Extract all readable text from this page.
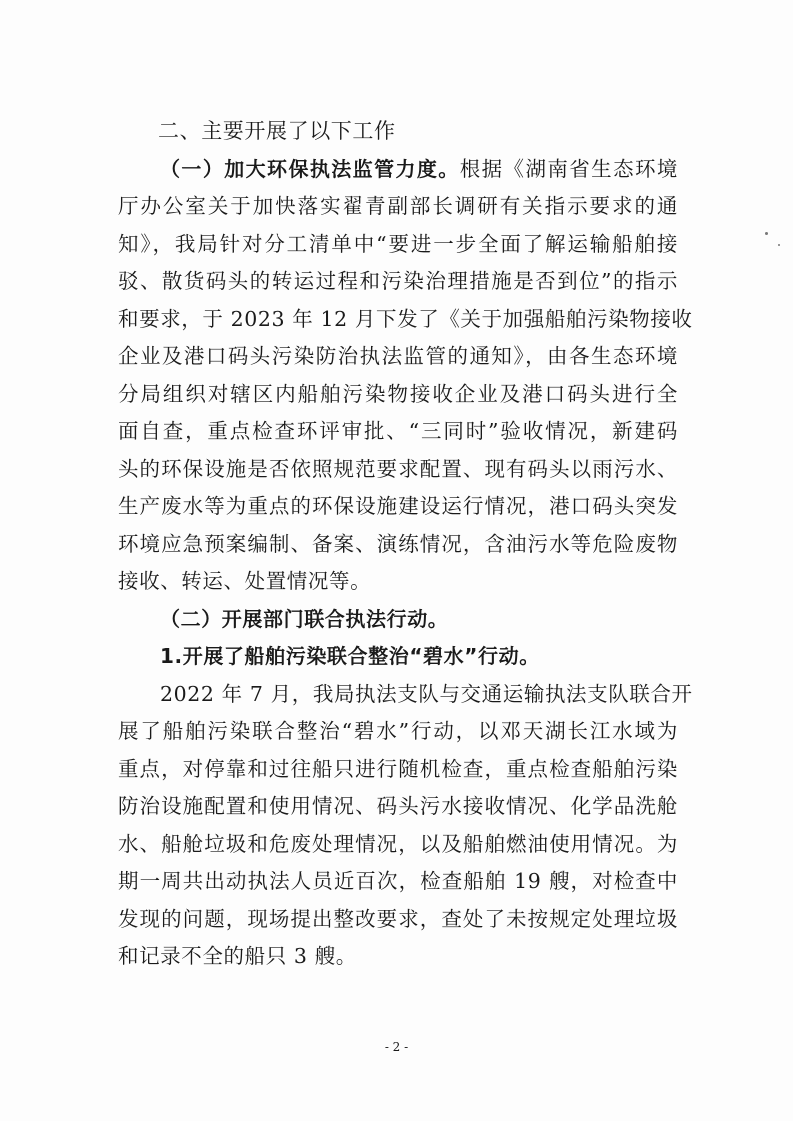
二、主要开展了以下工作
（一）加大环保执法监管力度。根据《湖南省生态环境
厅办公室关于加快落实翟青副部长调研有关指示要求的通
知》，我局针对分工清单中“要进一步全面了解运输船舶接
驳、散货码头的转运过程和污染治理措施是否到位”的指示
和要求，于 2023 年 12 月下发了《关于加强船舶污染物接收
企业及港口码头污染防治执法监管的通知》，由各生态环境
分局组织对辖区内船舶污染物接收企业及港口码头进行全
面自查，重点检查环评审批、“三同时”验收情况，新建码
头的环保设施是否依照规范要求配置、现有码头以雨污水、
生产废水等为重点的环保设施建设运行情况，港口码头突发
环境应急预案编制、备案、演练情况，含油污水等危险废物
接收、转运、处置情况等。
（二）开展部门联合执法行动。
1.开展了船舶污染联合整治“碧水”行动。
2022 年 7 月，我局执法支队与交通运输执法支队联合开
展了船舶污染联合整治“碧水”行动，以邓天湖长江水域为
重点，对停靠和过往船只进行随机检查，重点检查船舶污染
防治设施配置和使用情况、码头污水接收情况、化学品洗舱
水、船舱垃圾和危废处理情况，以及船舶燃油使用情况。为
期一周共出动执法人员近百次，检查船舶 19 艘，对检查中
发现的问题，现场提出整改要求，查处了未按规定处理垃圾
和记录不全的船只 3 艘。
- 2 -
